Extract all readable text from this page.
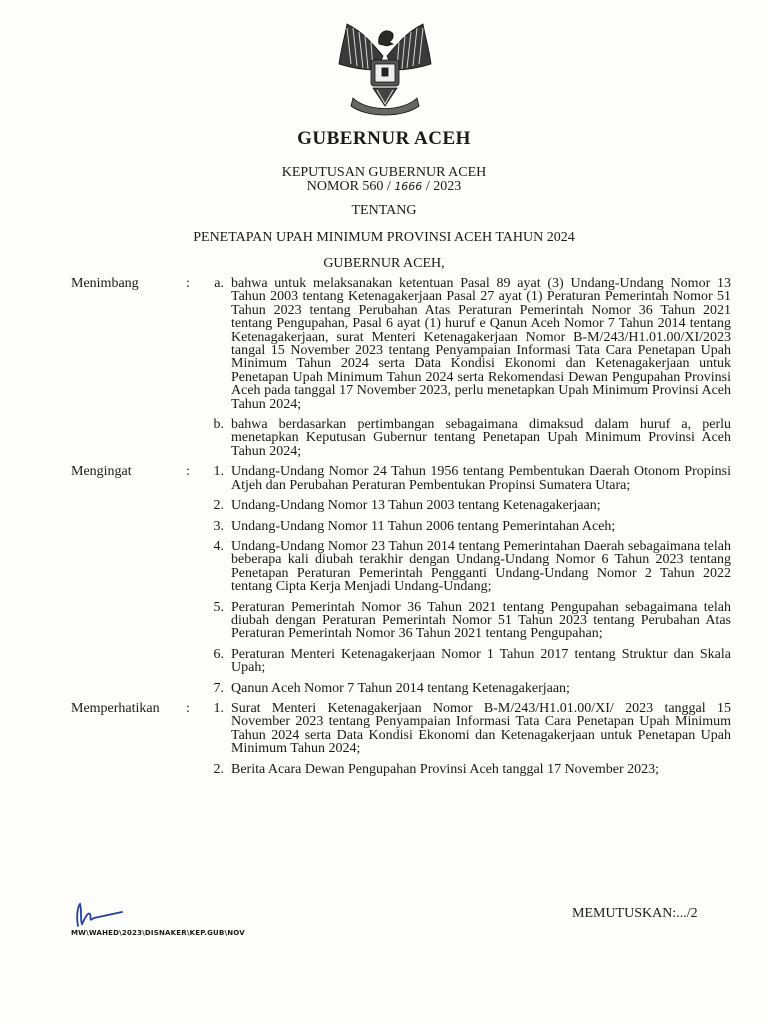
GUBERNUR ACEH
KEPUTUSAN GUBERNUR ACEH
NOMOR 560 / 1666 / 2023
TENTANG
PENETAPAN UPAH MINIMUM PROVINSI ACEH TAHUN 2024
GUBERNUR ACEH,
Menimbang	:	a. bahwa untuk melaksanakan ketentuan Pasal 89 ayat (3) Undang-Undang Nomor 13 Tahun 2003 tentang Ketenagakerjaan Pasal 27 ayat (1) Peraturan Pemerintah Nomor 51 Tahun 2023 tentang Perubahan Atas Peraturan Pemerintah Nomor 36 Tahun 2021 tentang Pengupahan, Pasal 6 ayat (1) huruf e Qanun Aceh Nomor 7 Tahun 2014 tentang Ketenagakerjaan, surat Menteri Ketenagakerjaan Nomor B-M/243/H1.01.00/XI/2023 tangal 15 November 2023 tentang Penyampaian Informasi Tata Cara Penetapan Upah Minimum Tahun 2024 serta Data Kondisi Ekonomi dan Ketenagakerjaan untuk Penetapan Upah Minimum Tahun 2024 serta Rekomendasi Dewan Pengupahan Provinsi Aceh pada tanggal 17 November 2023, perlu menetapkan Upah Minimum Provinsi Aceh Tahun 2024;
b. bahwa berdasarkan pertimbangan sebagaimana dimaksud dalam huruf a, perlu menetapkan Keputusan Gubernur tentang Penetapan Upah Minimum Provinsi Aceh Tahun 2024;
Mengingat	:	1. Undang-Undang Nomor 24 Tahun 1956 tentang Pembentukan Daerah Otonom Propinsi Atjeh dan Perubahan Peraturan Pembentukan Propinsi Sumatera Utara;
2. Undang-Undang Nomor 13 Tahun 2003 tentang Ketenagakerjaan;
3. Undang-Undang Nomor 11 Tahun 2006 tentang Pemerintahan Aceh;
4. Undang-Undang Nomor 23 Tahun 2014 tentang Pemerintahan Daerah sebagaimana telah beberapa kali diubah terakhir dengan Undang-Undang Nomor 6 Tahun 2023 tentang Penetapan Peraturan Pemerintah Pengganti Undang-Undang Nomor 2 Tahun 2022 tentang Cipta Kerja Menjadi Undang-Undang;
5. Peraturan Pemerintah Nomor 36 Tahun 2021 tentang Pengupahan sebagaimana telah diubah dengan Peraturan Pemerintah Nomor 51 Tahun 2023 tentang Perubahan Atas Peraturan Pemerintah Nomor 36 Tahun 2021 tentang Pengupahan;
6. Peraturan Menteri Ketenagakerjaan Nomor 1 Tahun 2017 tentang Struktur dan Skala Upah;
7. Qanun Aceh Nomor 7 Tahun 2014 tentang Ketenagakerjaan;
Memperhatikan	:	1. Surat Menteri Ketenagakerjaan Nomor B-M/243/H1.01.00/XI/ 2023 tanggal 15 November 2023 tentang Penyampaian Informasi Tata Cara Penetapan Upah Minimum Tahun 2024 serta Data Kondisi Ekonomi dan Ketenagakerjaan untuk Penetapan Upah Minimum Tahun 2024;
2. Berita Acara Dewan Pengupahan Provinsi Aceh tanggal 17 November 2023;
MW\WAHED\2023\DISNAKER\KEP.GUB\NOV
MEMUTUSKAN:.../2
